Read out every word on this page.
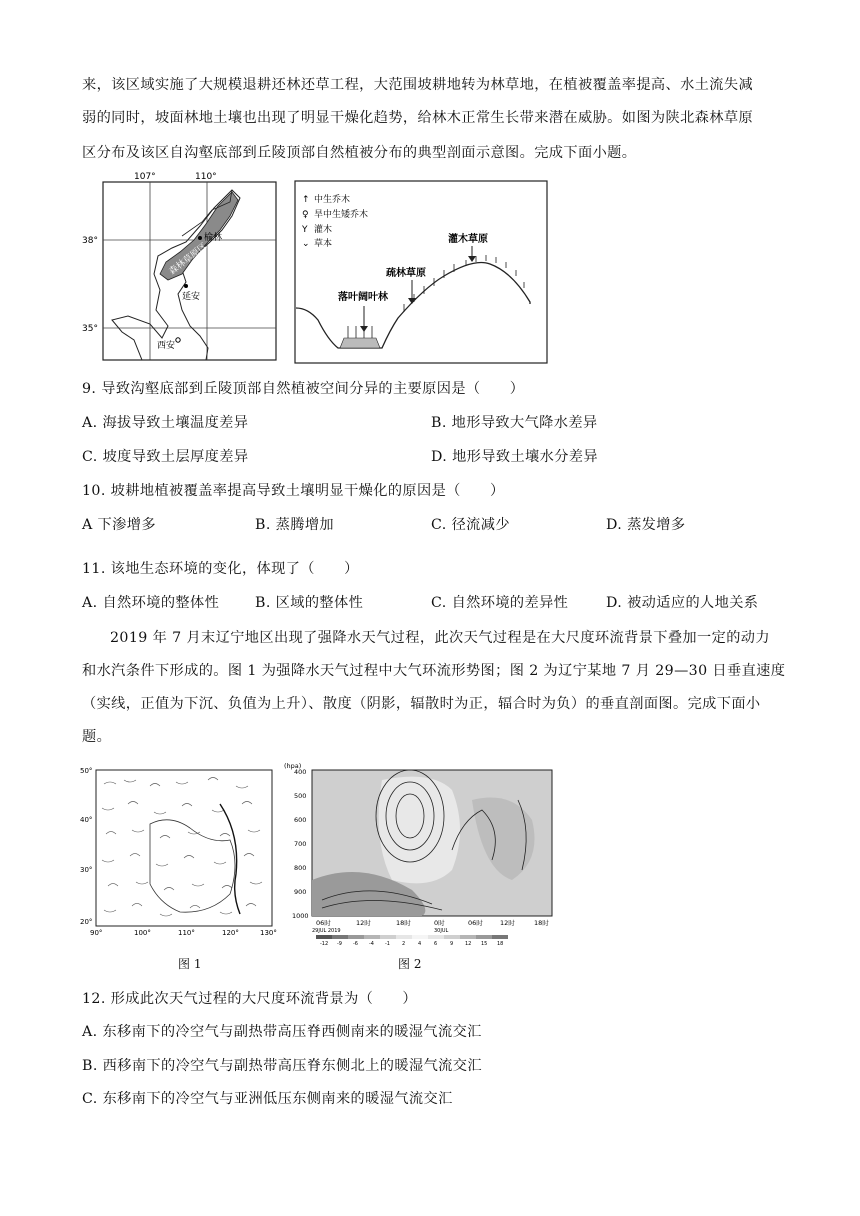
来，该区域实施了大规模退耕还林还草工程，大范围坡耕地转为林草地，在植被覆盖率提高、水土流失减
弱的同时，坡面林地土壤也出现了明显干燥化趋势，给林木正常生长带来潜在威胁。如图为陕北森林草原
区分布及该区自沟壑底部到丘陵顶部自然植被分布的典型剖面示意图。完成下面小题。
107°	110°
38°
35°
森林草原区
榆林
延安
西安
↑ 中生乔木
♀ 旱中生矮乔木
Y 灌木
⌄ 草本
落叶阔叶林
疏林草原
灌木草原
9. 导致沟壑底部到丘陵顶部自然植被空间分异的主要原因是（　　）
A. 海拔导致土壤温度差异	B. 地形导致大气降水差异
C. 坡度导致土层厚度差异	D. 地形导致土壤水分差异
10. 坡耕地植被覆盖率提高导致土壤明显干燥化的原因是（　　）
A 下渗增多	B. 蒸腾增加	C. 径流减少	D. 蒸发增多
11. 该地生态环境的变化，体现了（　　）
A. 自然环境的整体性	B. 区域的整体性	C. 自然环境的差异性	D. 被动适应的人地关系
2019 年 7 月末辽宁地区出现了强降水天气过程，此次天气过程是在大尺度环流背景下叠加一定的动力
和水汽条件下形成的。图 1 为强降水天气过程中大气环流形势图；图 2 为辽宁某地 7 月 29—30 日垂直速度
（实线，正值为下沉、负值为上升）、散度（阴影，辐散时为正，辐合时为负）的垂直剖面图。完成下面小
题。
50°
40°
30°
20°
90°	100°	110°	120°	130°
图 1
(hpa)
400
500
600
700
800
900
1000
06时	12时	18时	0时	06时	12时	18时
29JUL 2019	30JUL
-12 -9 -6 -4 -1 2	4	6	9 12 15 18
图 2
12. 形成此次天气过程的大尺度环流背景为（　　）
A. 东移南下的冷空气与副热带高压脊西侧南来的暖湿气流交汇
B. 西移南下的冷空气与副热带高压脊东侧北上的暖湿气流交汇
C. 东移南下的冷空气与亚洲低压东侧南来的暖湿气流交汇
